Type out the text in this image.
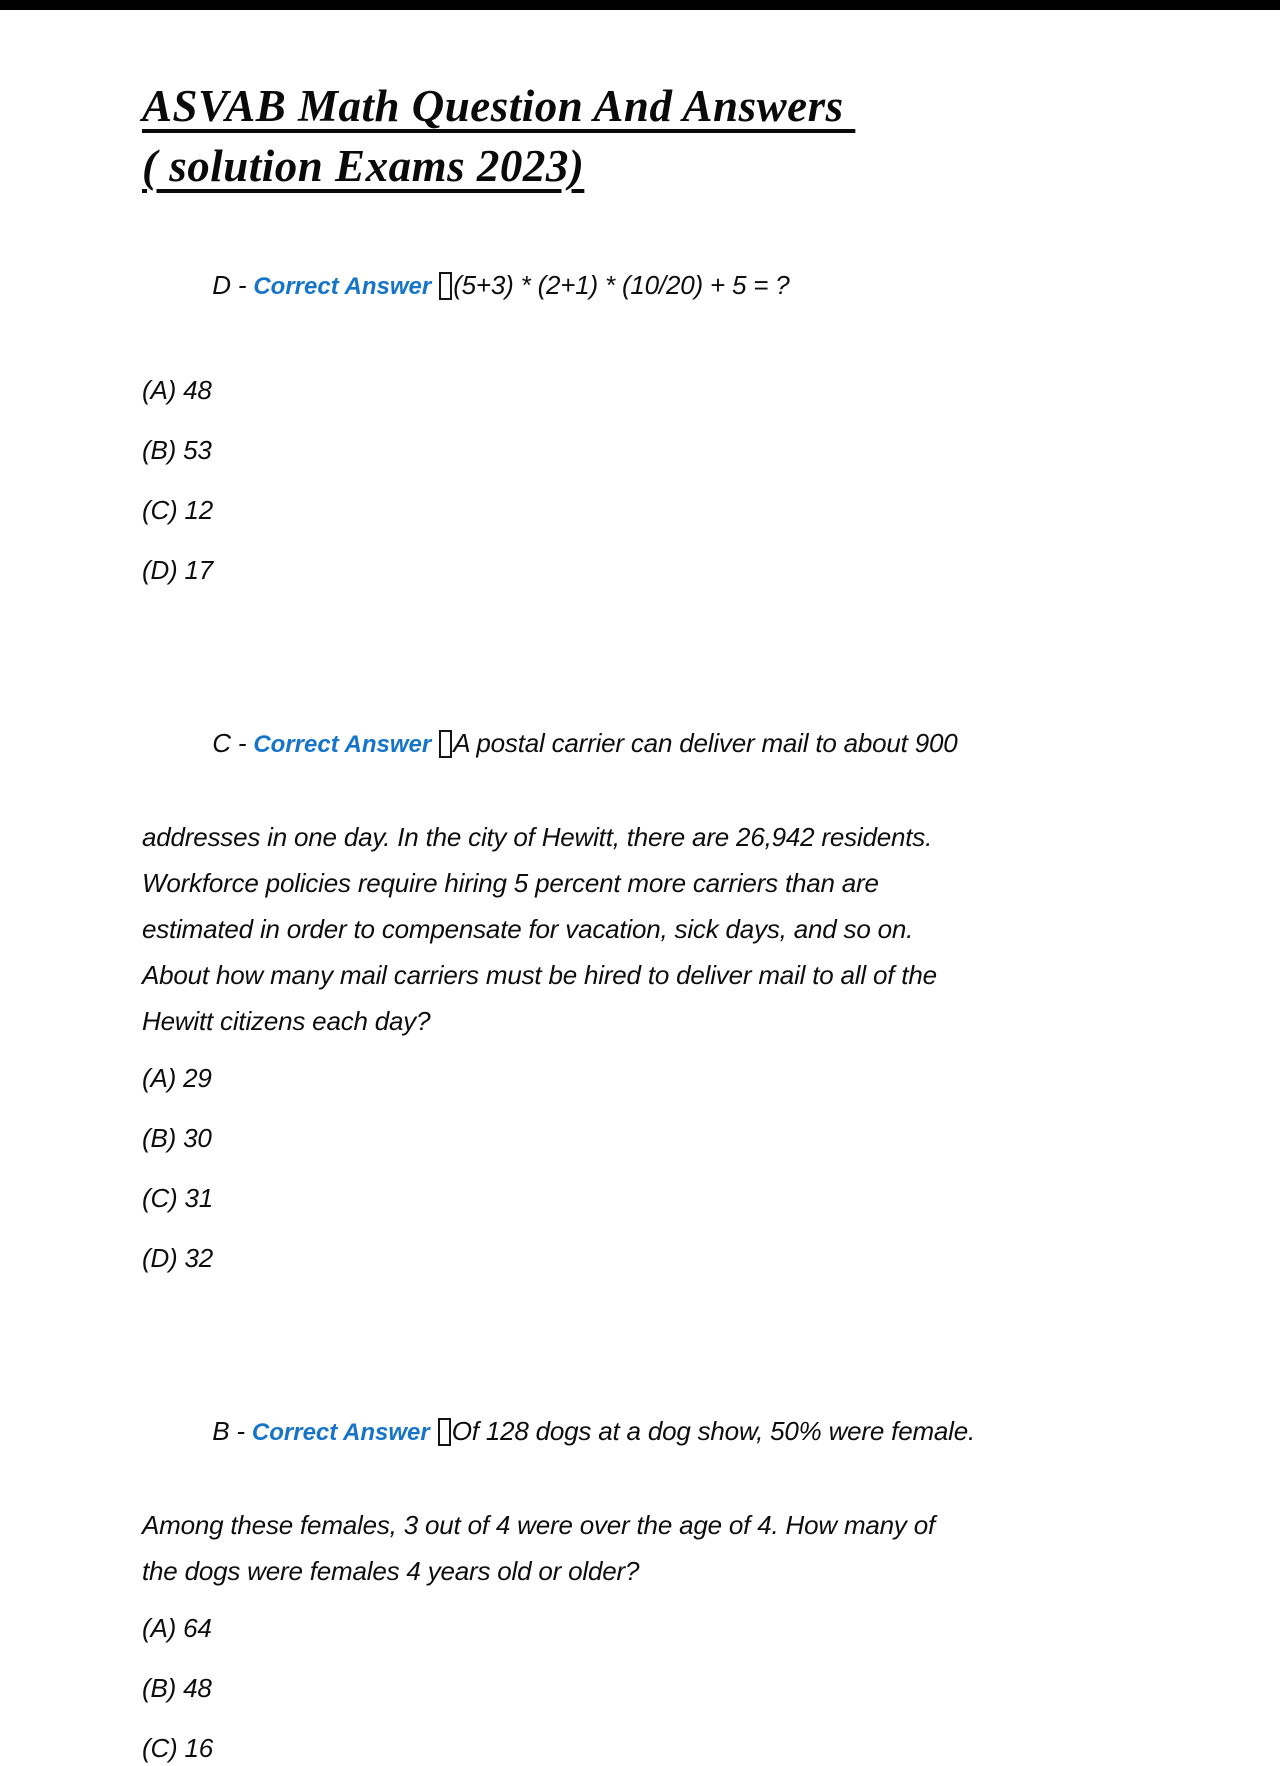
ASVAB Math Question And Answers
( solution Exams 2023)

D - Correct Answer (5+3) * (2+1) * (10/20) + 5 = ?

(A) 48

(B) 53

(C) 12

(D) 17

C - Correct Answer A postal carrier can deliver mail to about 900

addresses in one day. In the city of Hewitt, there are 26,942 residents.
Workforce policies require hiring 5 percent more carriers than are
estimated in order to compensate for vacation, sick days, and so on.
About how many mail carriers must be hired to deliver mail to all of the
Hewitt citizens each day?

(A) 29

(B) 30

(C) 31

(D) 32

B - Correct Answer Of 128 dogs at a dog show, 50% were female.

Among these females, 3 out of 4 were over the age of 4. How many of
the dogs were females 4 years old or older?

(A) 64

(B) 48

(C) 16
